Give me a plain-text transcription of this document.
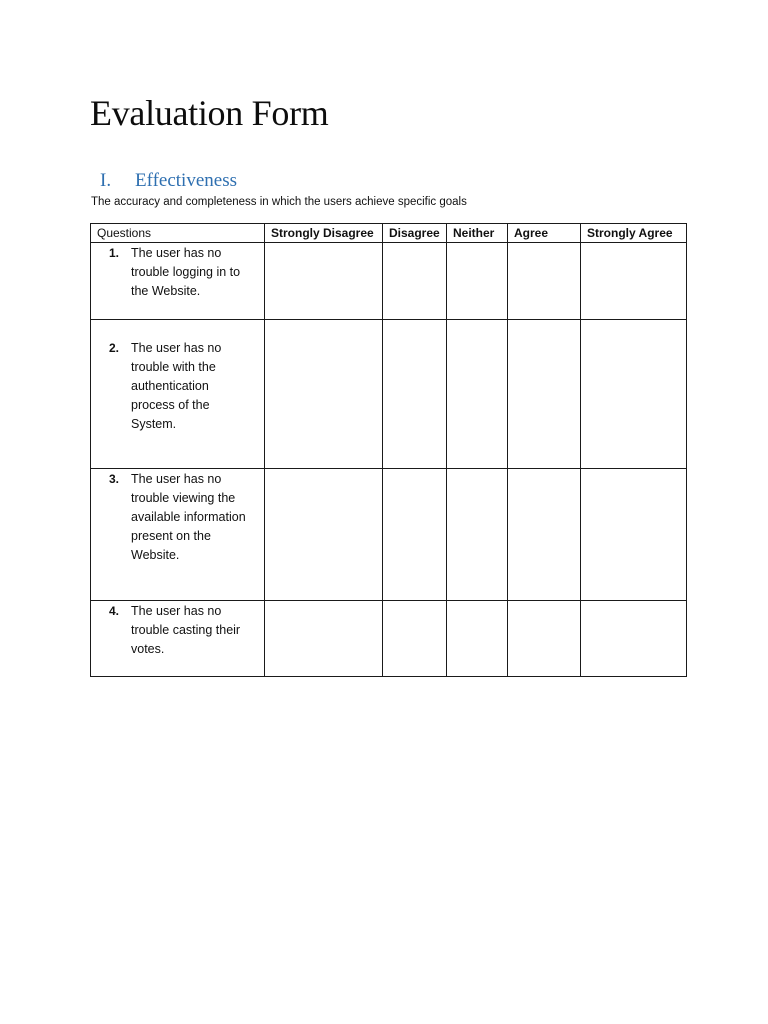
Evaluation Form
I. Effectiveness
The accuracy and completeness in which the users achieve specific goals
Questions	Strongly Disagree	Disagree	Neither	Agree	Strongly Agree

1. The user has no trouble logging in to the Website.					

2. The user has no trouble with the authentication process of the System.					

3. The user has no trouble viewing the available information present on the Website.					

4. The user has no trouble casting their votes.					
